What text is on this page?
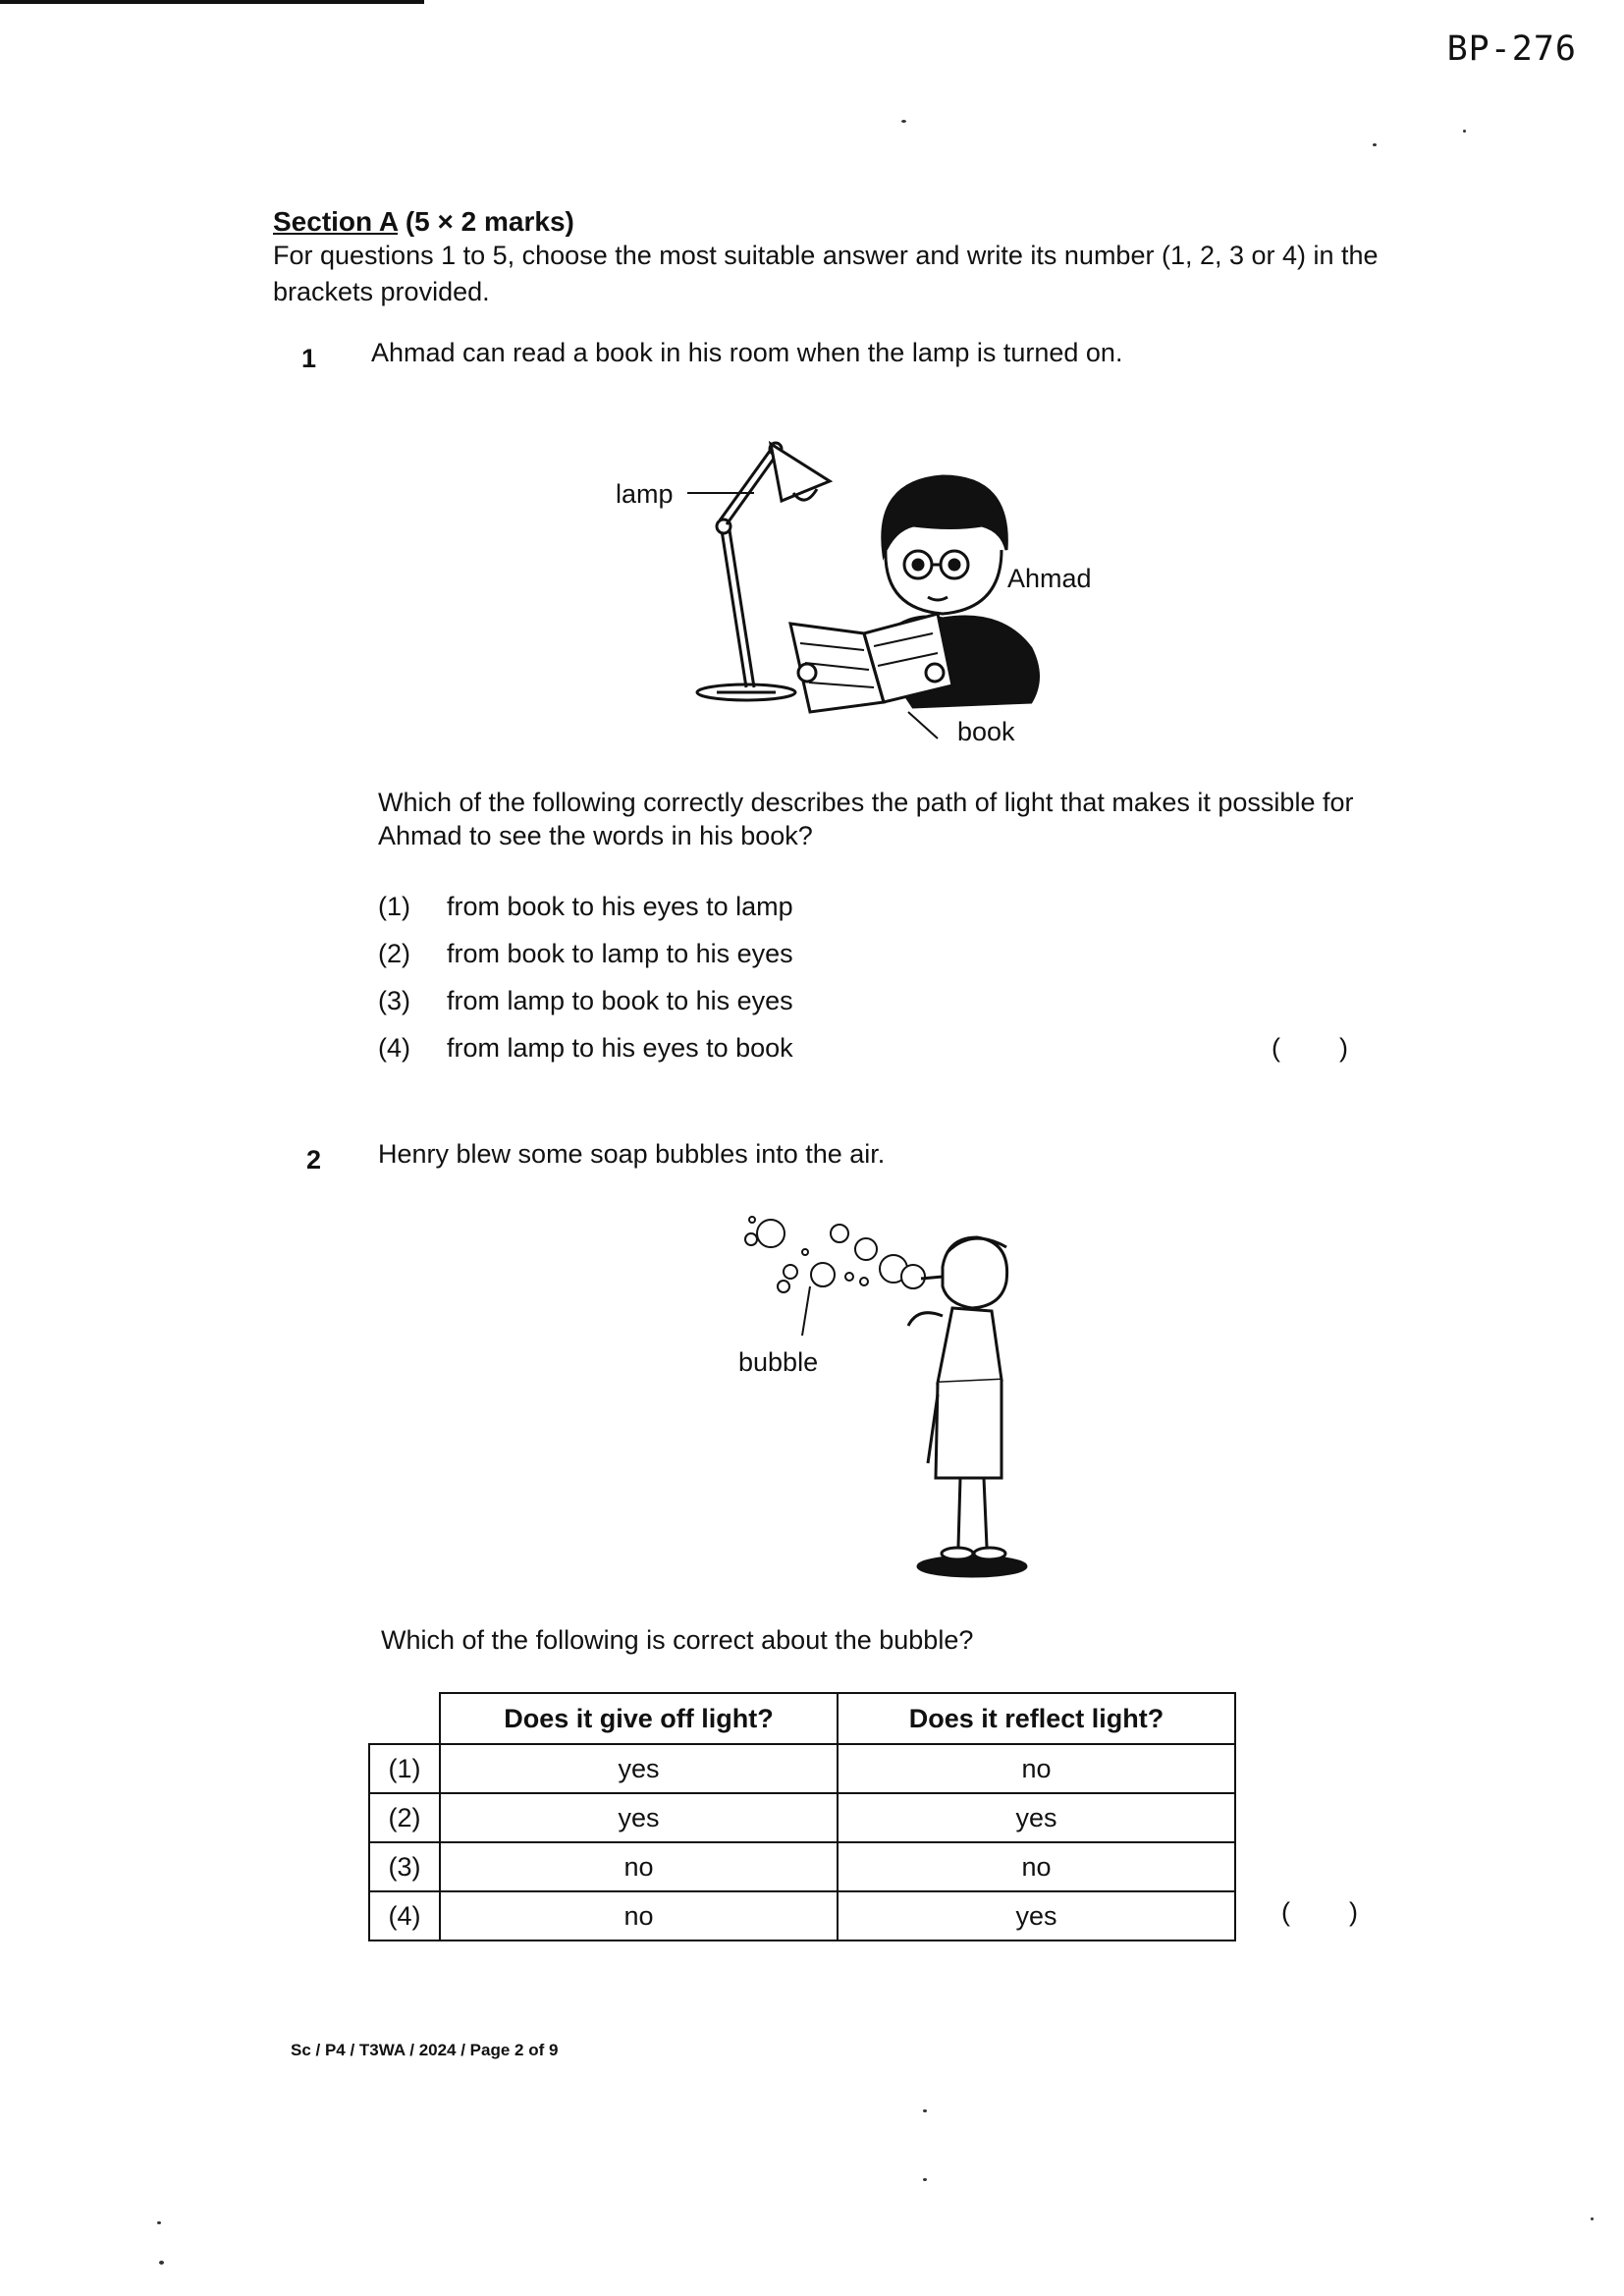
BP-276
Section A (5 × 2 marks)
For questions 1 to 5, choose the most suitable answer and write its number (1, 2, 3 or 4) in the brackets provided.
1 Ahmad can read a book in his room when the lamp is turned on.
lamp
Ahmad
book
Which of the following correctly describes the path of light that makes it possible for Ahmad to see the words in his book?
(1) from book to his eyes to lamp
(2) from book to lamp to his eyes
(3) from lamp to book to his eyes
(4) from lamp to his eyes to book	(        )
2 Henry blew some soap bubbles into the air.
bubble
Which of the following is correct about the bubble?
	Does it give off light?	Does it reflect light?
(1)	yes	no
(2)	yes	yes
(3)	no	no
(4)	no	yes	(        )
Sc / P4 / T3WA / 2024 / Page 2 of 9
